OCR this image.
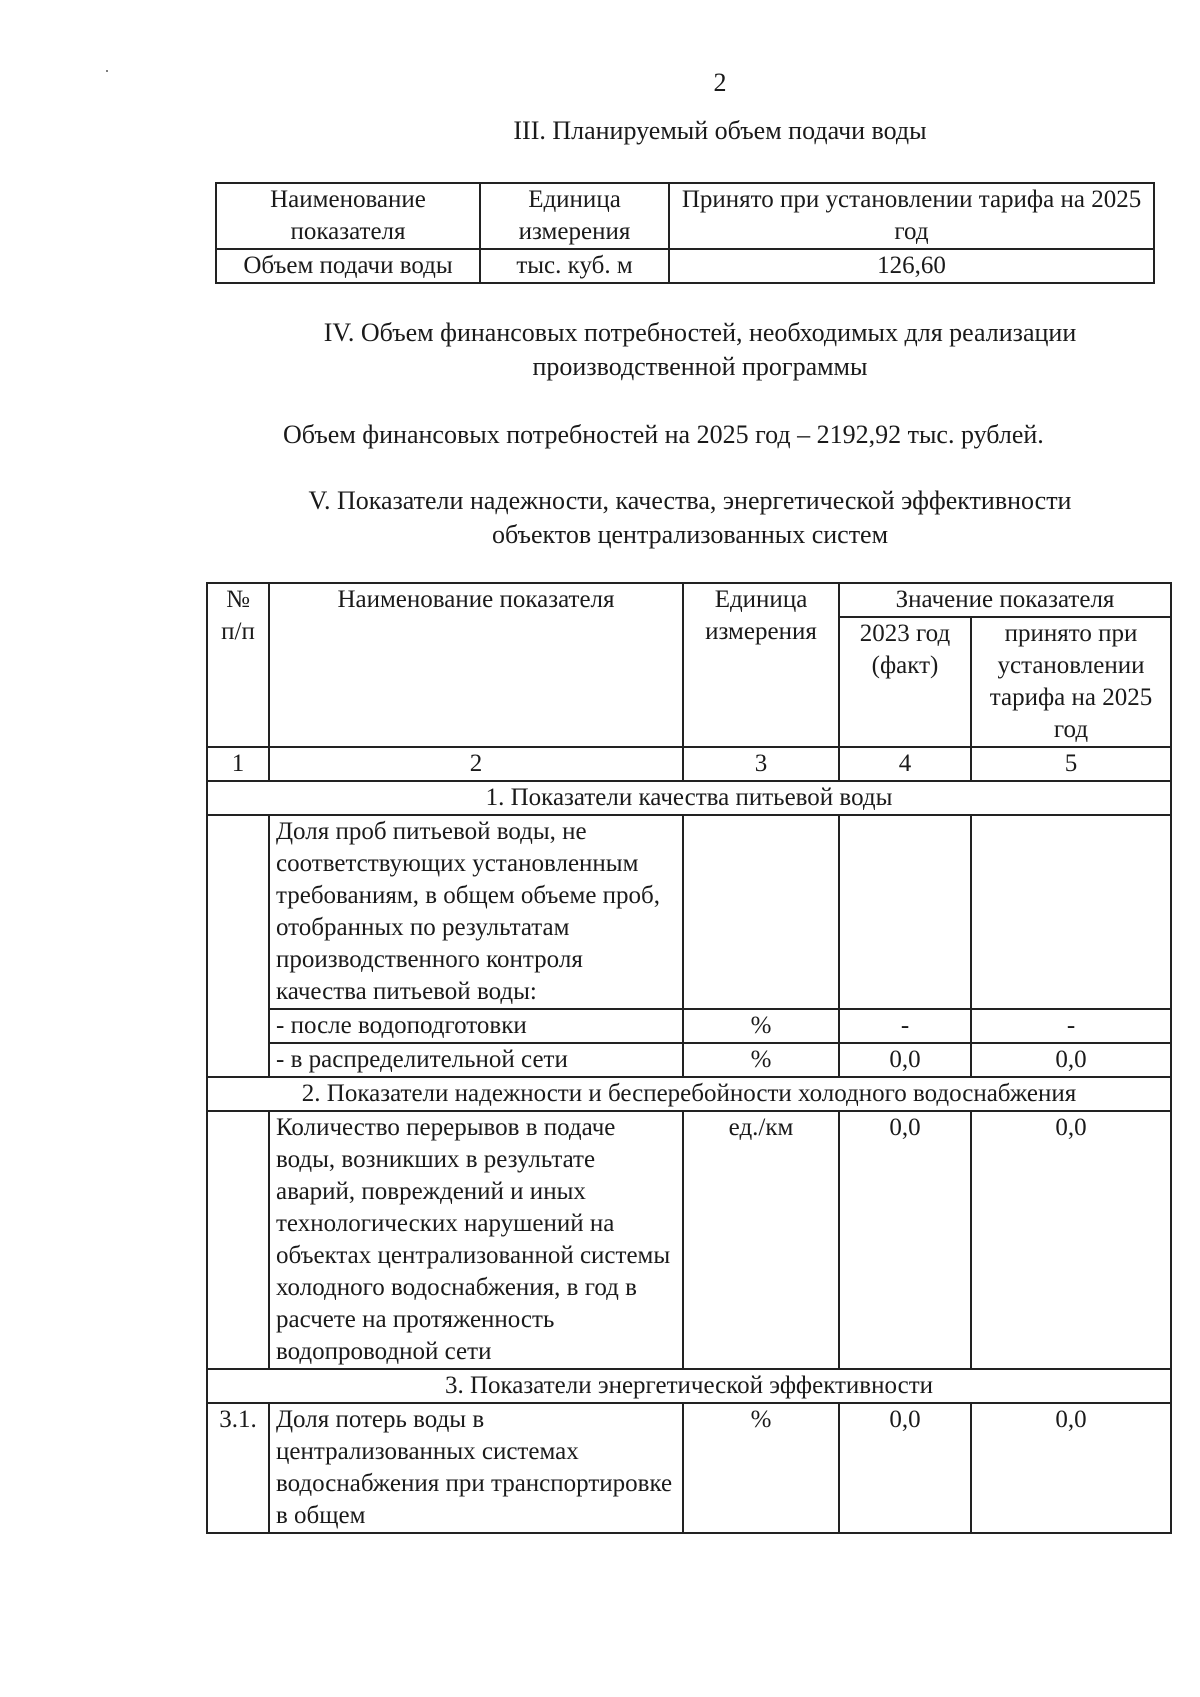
2
III. Планируемый объем подачи воды
Наименование показателя	Единица измерения	Принято при установлении тарифа на 2025 год
Объем подачи воды	тыс. куб. м	126,60
IV. Объем финансовых потребностей, необходимых для реализации
производственной программы
Объем финансовых потребностей на 2025 год – 2192,92 тыс. рублей.
V. Показатели надежности, качества, энергетической эффективности
объектов централизованных систем
№ п/п	Наименование показателя	Единица измерения	Значение показателя	
			2023 год (факт)	принято при установлении тарифа на 2025 год
1	2	3	4	5
1. Показатели качества питьевой воды				
	Доля проб питьевой воды, не соответствующих установленным требованиям, в общем объеме проб, отобранных по результатам производственного контроля качества питьевой воды:			
	- после водоподготовки	%	-	-
	- в распределительной сети	%	0,0	0,0
2. Показатели надежности и бесперебойности холодного водоснабжения				
	Количество перерывов в подаче воды, возникших в результате аварий, повреждений и иных технологических нарушений на объектах централизованной системы холодного водоснабжения, в год в расчете на протяженность водопроводной сети	ед./км	0,0	0,0
3. Показатели энергетической эффективности				
3.1.	Доля потерь воды в централизованных системах водоснабжения при транспортировке в общем	%	0,0	0,0
